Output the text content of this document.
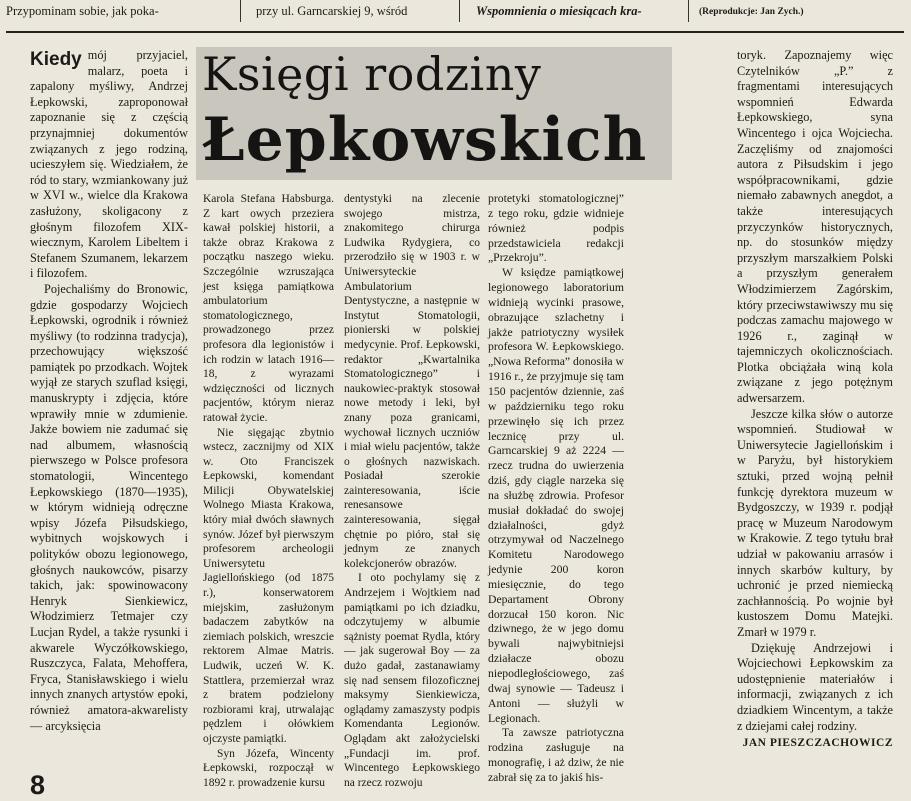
Przypominam sobie, jak poka-	przy ul. Garncarskiej 9, wśród	Wspomnienia o miesiącach kra-	(Reprodukcje: Jan Zych.)
Księgi rodziny
Łepkowskich

Kiedy mój przyjaciel, malarz, poeta i zapalony myśliwy, Andrzej Łepkowski, zaproponował zapoznanie się z częścią przynajmniej dokumentów związanych z jego rodziną, ucieszyłem się. Wiedziałem, że ród to stary, wzmiankowany już w XVI w., wielce dla Krakowa zasłużony, skoligacony z głośnym filozofem XIX-wiecznym, Karolem Libeltem i Stefanem Szumanem, lekarzem i filozofem.

Pojechaliśmy do Bronowic, gdzie gospodarzy Wojciech Łepkowski, ogrodnik i również myśliwy (to rodzinna tradycja), przechowujący większość pamiątek po przodkach. Wojtek wyjął ze starych szuflad księgi, manuskrypty i zdjęcia, które wprawiły mnie w zdumienie. Jakże bowiem nie zadumać się nad albumem, własnością pierwszego w Polsce profesora stomatologii, Wincentego Łepkowskiego (1870—1935), w którym widnieją odręczne wpisy Józefa Piłsudskiego, wybitnych wojskowych i polityków obozu legionowego, głośnych naukowców, pisarzy takich, jak: spowinowacony Henryk Sienkiewicz, Włodzimierz Tetmajer czy Lucjan Rydel, a także rysunki i akwarele Wyczółkowskiego, Ruszczyca, Falata, Mehoffera, Fryca, Stanisławskiego i wielu innych znanych artystów epoki, również amatora-akwarelisty — arcyksięcia

Karola Stefana Habsburga. Z kart owych przeziera kawał polskiej historii, a także obraz Krakowa z początku naszego wieku. Szczególnie wzruszająca jest księga pamiątkowa ambulatorium stomatologicznego, prowadzonego przez profesora dla legionistów i ich rodzin w latach 1916—18, z wyrazami wdzięczności od licznych pacjentów, którym nieraz ratował życie.

Nie sięgając zbytnio wstecz, zacznijmy od XIX w. Oto Franciszek Łepkowski, komendant Milicji Obywatelskiej Wolnego Miasta Krakowa, który miał dwóch sławnych synów. Józef był pierwszym profesorem archeologii Uniwersytetu Jagiellońskiego (od 1875 r.), konserwatorem miejskim, zasłużonym badaczem zabytków na ziemiach polskich, wreszcie rektorem Almae Matris. Ludwik, uczeń W. K. Stattlera, przemierzał wraz z bratem podzielony rozbiorami kraj, utrwalając pędzlem i ołówkiem ojczyste pamiątki.

Syn Józefa, Wincenty Łepkowski, rozpoczął w 1892 r. prowadzenie kursu

dentystyki na zlecenie swojego mistrza, znakomitego chirurga Ludwika Rydygiera, co przerodziło się w 1903 r. w Uniwersyteckie Ambulatorium Dentystyczne, a następnie w Instytut Stomatologii, pionierski w polskiej medycynie. Prof. Łepkowski, redaktor „Kwartalnika Stomatologicznego” i naukowiec-praktyk stosował nowe metody i leki, był znany poza granicami, wychował licznych uczniów i miał wielu pacjentów, także o głośnych nazwiskach. Posiadał szerokie zainteresowania, iście renesansowe zainteresowania, sięgał chętnie po pióro, stał się jednym ze znanych kolekcjonerów obrazów.

I oto pochylamy się z Andrzejem i Wojtkiem nad pamiątkami po ich dziadku, odczytujemy w albumie sążnisty poemat Rydla, który — jak sugerował Boy — za dużo gadał, zastanawiamy się nad sensem filozoficznej maksymy Sienkiewicza, oglądamy zamaszysty podpis Komendanta Legionów. Oglądam akt założycielski „Fundacji im. prof. Wincentego Łepkowskiego na rzecz rozwoju

protetyki stomatologicznej” z tego roku, gdzie widnieje również podpis przedstawiciela redakcji „Przekroju”.

W księdze pamiątkowej legionowego laboratorium widnieją wycinki prasowe, obrazujące szlachetny i jakże patriotyczny wysiłek profesora W. Łepkowskiego. „Nowa Reforma” donosiła w 1916 r., że przyjmuje się tam 150 pacjentów dziennie, zaś w październiku tego roku przewinęło się ich przez lecznicę przy ul. Garncarskiej 9 aż 2224 — rzecz trudna do uwierzenia dziś, gdy ciągle narzeka się na służbę zdrowia. Profesor musiał dokładać do swojej działalności, gdyż otrzymywał od Naczelnego Komitetu Narodowego jedynie 200 koron miesięcznie, do tego Departament Obrony dorzucał 150 koron. Nic dziwnego, że w jego domu bywali najwybitniejsi działacze obozu niepodległościowego, zaś dwaj synowie — Tadeusz i Antoni — służyli w Legionach.

Ta zawsze patriotyczna rodzina zasługuje na monografię, i aż dziw, że nie zabrał się za to jakiś his-

toryk. Zapoznajemy więc Czytelników „P.” z fragmentami interesujących wspomnień Edwarda Łepkowskiego, syna Wincentego i ojca Wojciecha. Zaczęliśmy od znajomości autora z Piłsudskim i jego współpracownikami, gdzie niemało zabawnych anegdot, a także interesujących przyczynków historycznych, np. do stosunków między przyszłym marszałkiem Polski a przyszłym generałem Włodzimierzem Zagórskim, który przeciwstawiwszy mu się podczas zamachu majowego w 1926 r., zaginął w tajemniczych okolicznościach. Plotka obciążała winą kola związane z jego potężnym adwersarzem.

Jeszcze kilka słów o autorze wspomnień. Studiował w Uniwersytecie Jagiellońskim i w Paryżu, był historykiem sztuki, przed wojną pełnił funkcję dyrektora muzeum w Bydgoszczy, w 1939 r. podjął pracę w Muzeum Narodowym w Krakowie. Z tego tytułu brał udział w pakowaniu arrasów i innych skarbów kultury, by uchronić je przed niemiecką zachłannością. Po wojnie był kustoszem Domu Matejki. Zmarł w 1979 r.

Dziękuję Andrzejowi i Wojciechowi Łepkowskim za udostępnienie materiałów i informacji, związanych z ich dziadkiem Wincentym, a także z dziejami całej rodziny.

JAN PIESZCZACHOWICZ
8
